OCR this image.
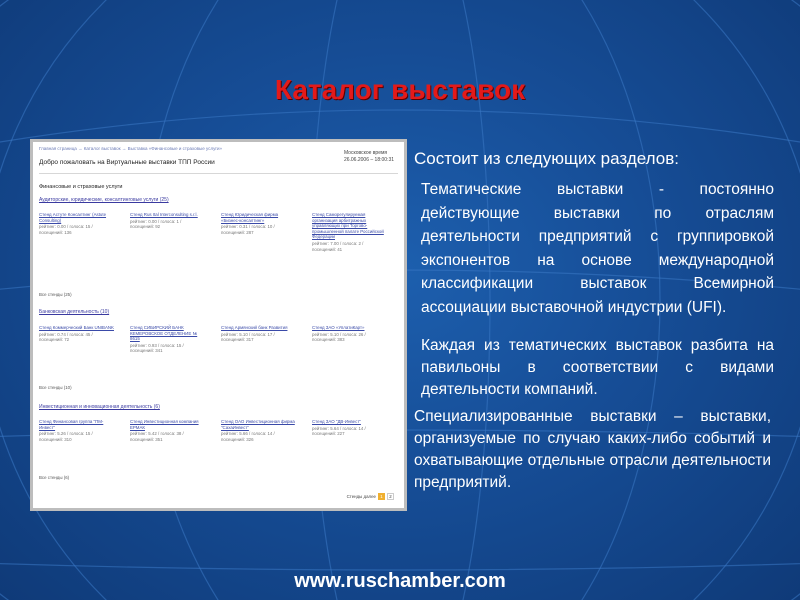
Каталог выставок
Главная страница → Каталог выставок → Выставка «Финансовые и страховые услуги»
Московское время
26.06.2006 – 18:00:31
Добро пожаловать на Виртуальные выставки ТПП России
Финансовые и страховые услуги
Аудиторские, юридические, консалтинговые услуги (25)
Стенд Астуте Консалтинг (Astute Consulting)
рейтинг: 0.00 / голоса: 15 / посещений: 136
Стенд Rus Ital Interconsulting s.r.l.
рейтинг: 0.00 / голоса: 1 / посещений: 92
Стенд Юридическая фирма «Бизнес-консалтинг»
рейтинг: 0.31 / голоса: 10 / посещений: 287
Стенд Саморегулируемая организация арбитражных управляющих при Торгово-промышленной палате Российской Федерации
рейтинг: 7.00 / голоса: 2 / посещений: 41
Все стенды (25)
Банковская деятельность (10)
Стенд Коммерческий Банк UNIBANK
рейтинг: 0.74 / голоса: 45 / посещений: 72
Стенд СИБИРСКИЙ БАНК КЕМЕРОВСКОЕ ОТДЕЛЕНИЕ № 8615
рейтинг: 0.93 / голоса: 15 / посещений: 341
Стенд Армянский банк Развития
рейтинг: 5.10 / голоса: 17 / посещений: 317
Стенд ЗАО «УплатиКарт»
рейтинг: 5.10 / голоса: 26 / посещений: 383
Все стенды (10)
Инвестиционная и инновационная деятельность (6)
Стенд Финансовая группа "ПМ-Инвест"
рейтинг: 5.26 / голоса: 15 / посещений: 310
Стенд Инвестиционная компания ЕРМАК
рейтинг: 5.42 / голоса: 38 / посещений: 351
Стенд ОАО Инвестиционная фирма "СахаИнвест"
рейтинг: 5.66 / голоса: 14 / посещений: 326
Стенд ЗАО "ДВ-Инвест"
рейтинг: 5.64 / голоса: 14 / посещений: 227
Все стенды (6)
Стенды далее 1	2
Состоит из следующих разделов:
Тематические выставки - постоянно действующие выставки по отраслям деятельности предприятий с группировкой экспонентов на основе международной классификации выставок Всемирной ассоциации выставочной индустрии (UFI).
Каждая из тематических выставок разбита на павильоны в соответствии с видами деятельности компаний.
Специализированные выставки – выставки, организуемые по случаю каких-либо событий и охватывающие отдельные отрасли деятельности предприятий.
www.ruschamber.com
